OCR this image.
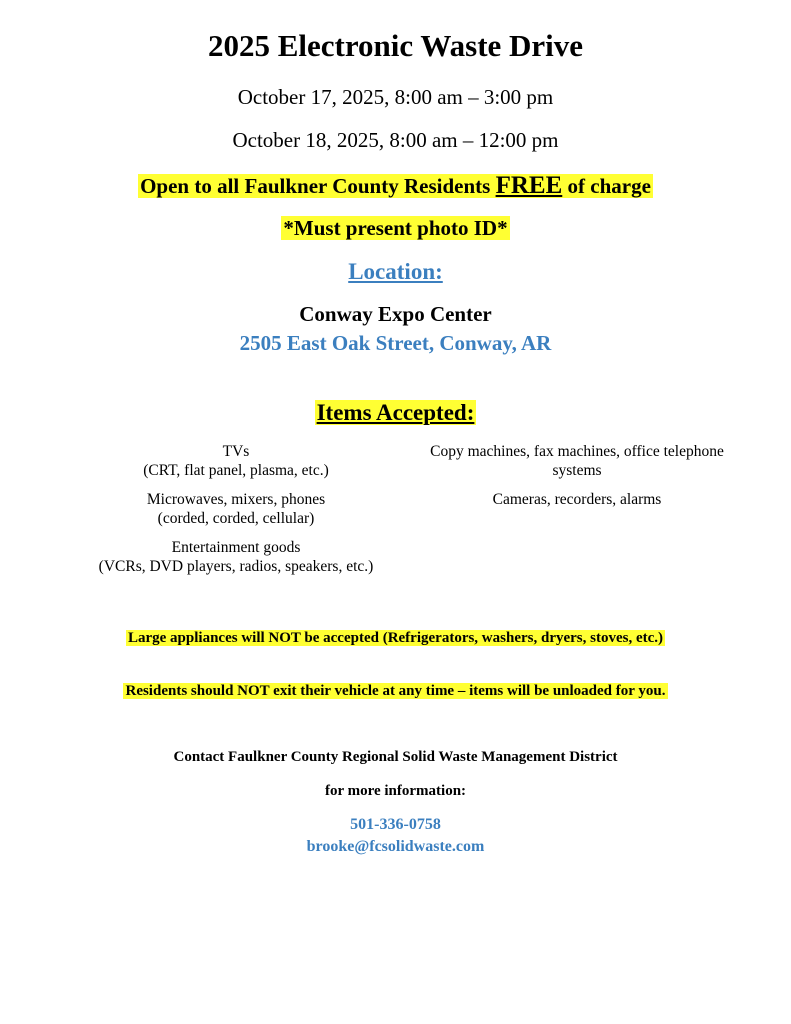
2025 Electronic Waste Drive
October 17, 2025, 8:00 am – 3:00 pm
October 18, 2025, 8:00 am – 12:00 pm
Open to all Faulkner County Residents FREE of charge
*Must present photo ID*
Location:
Conway Expo Center
2505 East Oak Street, Conway, AR
Items Accepted:
TVs
(CRT, flat panel, plasma, etc.)
Microwaves, mixers, phones
(corded, corded, cellular)
Entertainment goods
(VCRs, DVD players, radios, speakers, etc.)
Copy machines, fax machines, office telephone
systems
Cameras, recorders, alarms
Large appliances will NOT be accepted (Refrigerators, washers, dryers, stoves, etc.)
Residents should NOT exit their vehicle at any time – items will be unloaded for you.
Contact Faulkner County Regional Solid Waste Management District
for more information:
501-336-0758
brooke@fcsolidwaste.com
